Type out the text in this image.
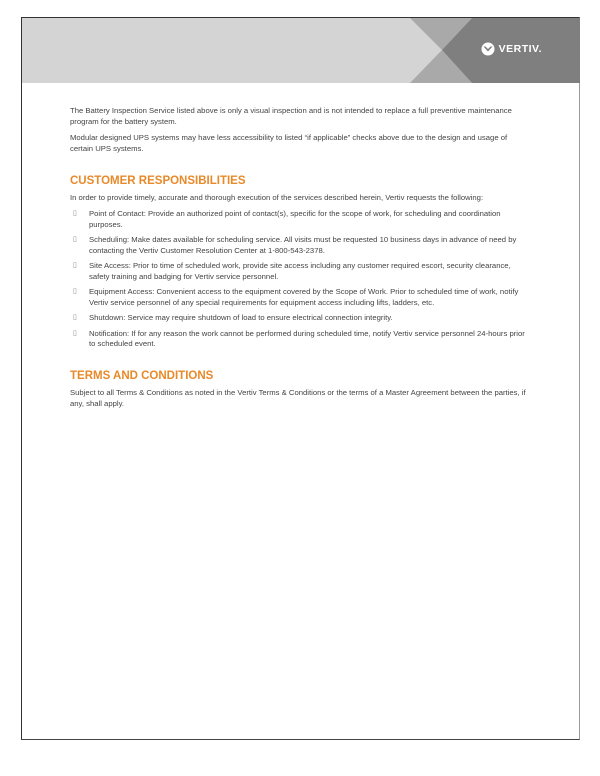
VERTIV.
The Battery Inspection Service listed above is only a visual inspection and is not intended to replace a full preventive maintenance program for the battery system.
Modular designed UPS systems may have less accessibility to listed “if applicable” checks above due to the design and usage of certain UPS systems.
CUSTOMER RESPONSIBILITIES
In order to provide timely, accurate and thorough execution of the services described herein, Vertiv requests the following:
▯ Point of Contact: Provide an authorized point of contact(s), specific for the scope of work, for scheduling and coordination purposes.
▯ Scheduling: Make dates available for scheduling service. All visits must be requested 10 business days in advance of need by contacting the Vertiv Customer Resolution Center at 1-800-543-2378.
▯ Site Access: Prior to time of scheduled work, provide site access including any customer required escort, security clearance, safety training and badging for Vertiv service personnel.
▯ Equipment Access: Convenient access to the equipment covered by the Scope of Work. Prior to scheduled time of work, notify Vertiv service personnel of any special requirements for equipment access including lifts, ladders, etc.
▯ Shutdown: Service may require shutdown of load to ensure electrical connection integrity.
▯ Notification: If for any reason the work cannot be performed during scheduled time, notify Vertiv service personnel 24-hours prior to scheduled event.
TERMS AND CONDITIONS
Subject to all Terms & Conditions as noted in the Vertiv Terms & Conditions or the terms of a Master Agreement between the parties, if any, shall apply.
